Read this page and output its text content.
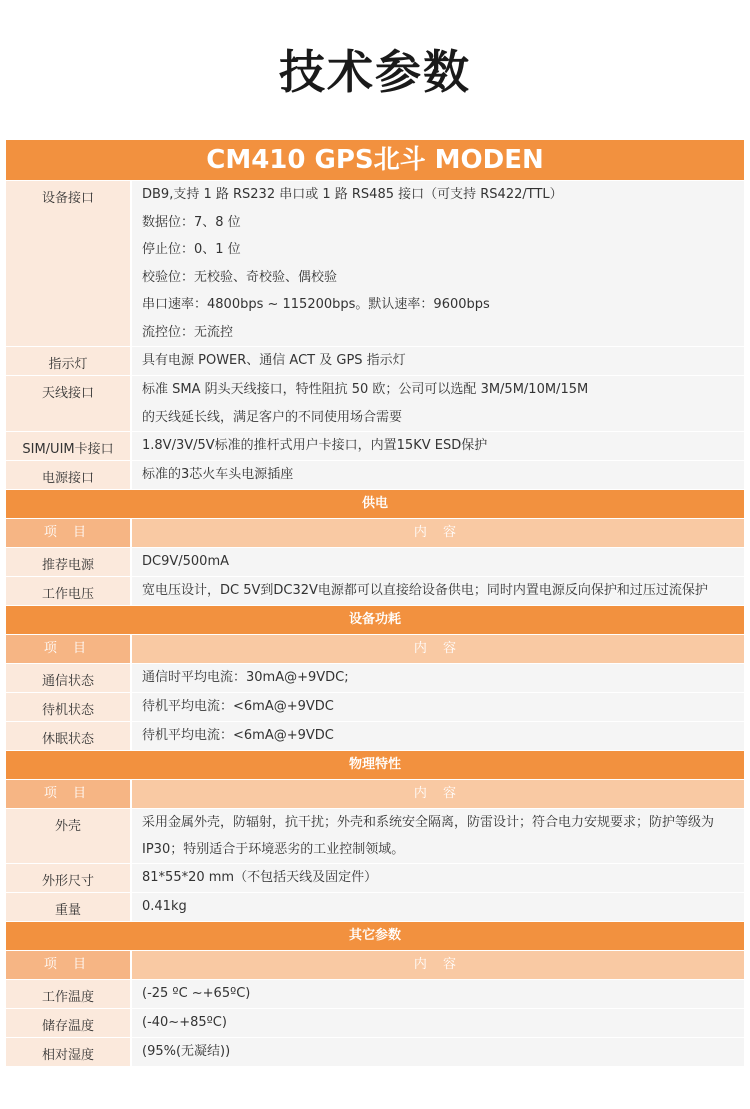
技术参数
CM410 GPS北斗 MODEN
设备接口	DB9,支持 1 路 RS232 串口或 1 路 RS485 接口（可支持 RS422/TTL）
数据位：7、8 位
停止位：0、1 位
校验位：无校验、奇校验、偶校验
串口速率：4800bps ~ 115200bps。默认速率：9600bps
流控位：无流控
指示灯	具有电源 POWER、通信 ACT 及 GPS 指示灯
天线接口	标准 SMA 阴头天线接口，特性阻抗 50 欧；公司可以选配 3M/5M/10M/15M
的天线延长线，满足客户的不同使用场合需要
SIM/UIM卡接口	1.8V/3V/5V标准的推杆式用户卡接口，内置15KV ESD保护
电源接口	标准的3芯火车头电源插座
供电
项 目	内 容
推荐电源	DC9V/500mA
工作电压	宽电压设计，DC 5V到DC32V电源都可以直接给设备供电；同时内置电源反向保护和过压过流保护
设备功耗
项 目	内 容
通信状态	通信时平均电流：30mA@+9VDC;
待机状态	待机平均电流：<6mA@+9VDC
休眠状态	待机平均电流：<6mA@+9VDC
物理特性
项 目	内 容
外壳	采用金属外壳，防辐射，抗干扰；外壳和系统安全隔离，防雷设计；符合电力安规要求；防护等级为 IP30；特别适合于环境恶劣的工业控制领域。
外形尺寸	81*55*20 mm（不包括天线及固定件）
重量	0.41kg
其它参数
项 目	内 容
工作温度	(-25 ºC ~+65ºC)
储存温度	(-40~+85ºC)
相对湿度	(95%(无凝结))
